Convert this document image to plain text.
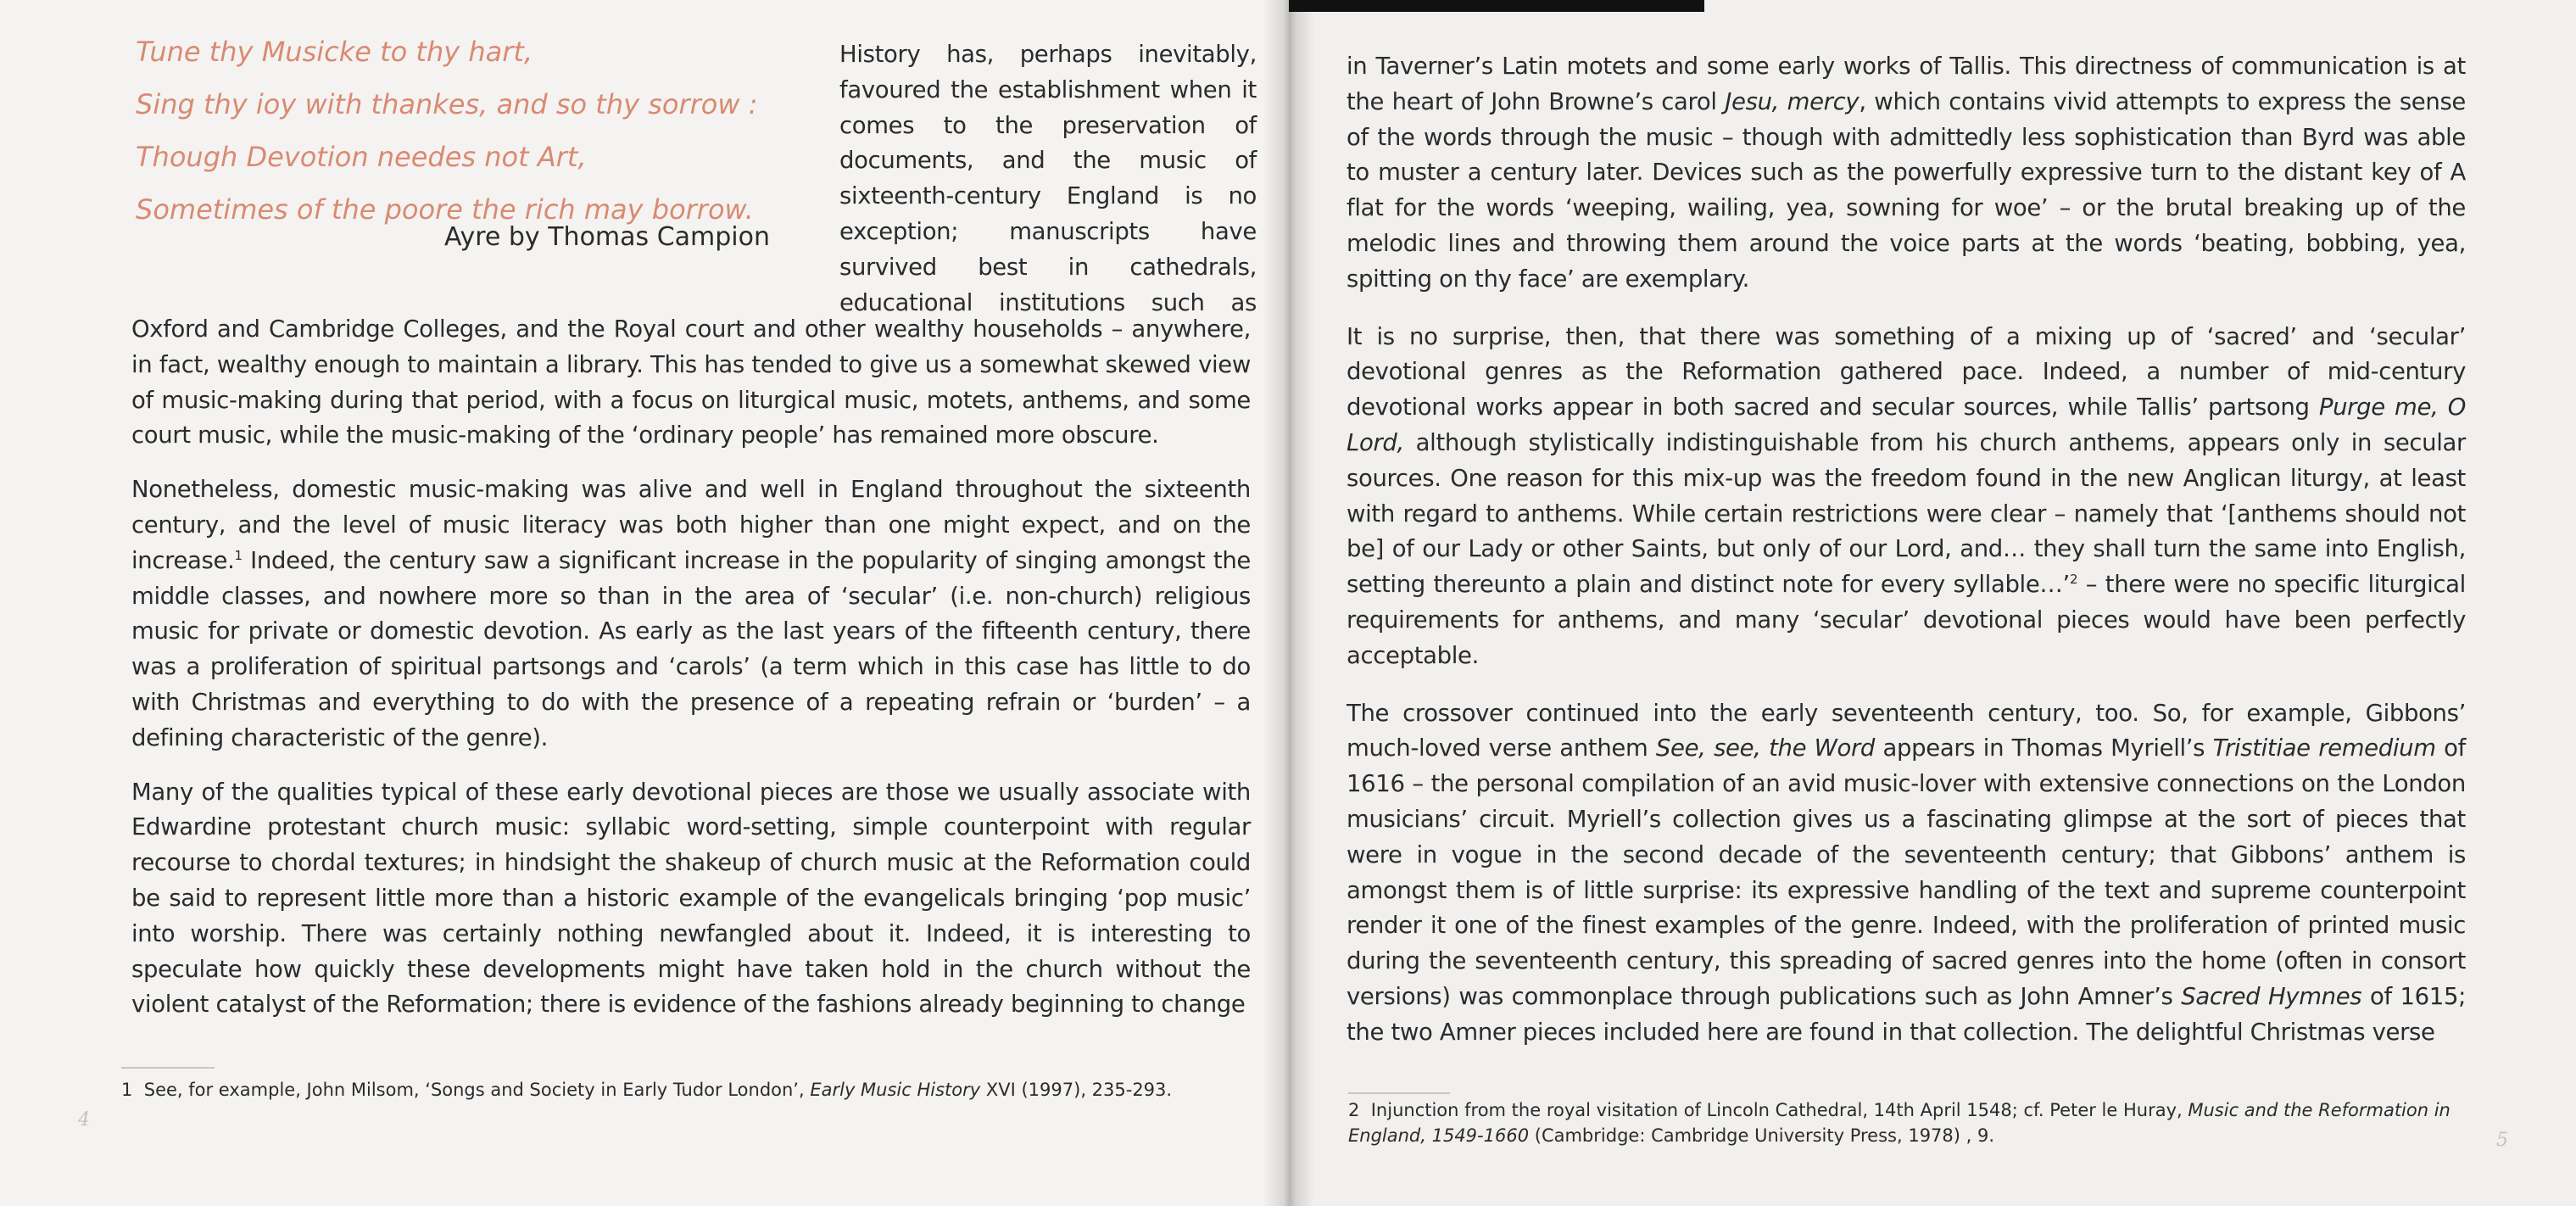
Tune thy Musicke to thy hart,
Sing thy ioy with thankes, and so thy sorrow :
Though Devotion needes not Art,
Sometimes of the poore the rich may borrow.
Ayre by Thomas Campion
History has, perhaps inevitably, favoured the establishment when it comes to the preservation of documents, and the music of sixteenth-century England is no exception; manuscripts have survived best in cathedrals, educational institutions such as

Oxford and Cambridge Colleges, and the Royal court and other wealthy households – anywhere, in fact, wealthy enough to maintain a library. This has tended to give us a somewhat skewed view of music-making during that period, with a focus on liturgical music, motets, anthems, and some court music, while the music-making of the ‘ordinary people’ has remained more obscure.

Nonetheless, domestic music-making was alive and well in England throughout the sixteenth century, and the level of music literacy was both higher than one might expect, and on the increase.$^1$ Indeed, the century saw a significant increase in the popularity of singing amongst the middle classes, and nowhere more so than in the area of ‘secular’ (i.e. non-church) religious music for private or domestic devotion. As early as the last years of the fifteenth century, there was a proliferation of spiritual partsongs and ‘carols’ (a term which in this case has little to do with Christmas and everything to do with the presence of a repeating refrain or ‘burden’ – a defining characteristic of the genre).

Many of the qualities typical of these early devotional pieces are those we usually associate with Edwardine protestant church music: syllabic word-setting, simple counterpoint with regular recourse to chordal textures; in hindsight the shakeup of church music at the Reformation could be said to represent little more than a historic example of the evangelicals bringing ‘pop music’ into worship. There was certainly nothing newfangled about it. Indeed, it is interesting to speculate how quickly these developments might have taken hold in the church without the violent catalyst of the Reformation; there is evidence of the fashions already beginning to change

1 See, for example, John Milsom, ‘Songs and Society in Early Tudor London’, Early Music History XVI (1997), 235-293.
4

in Taverner’s Latin motets and some early works of Tallis. This directness of communication is at the heart of John Browne’s carol Jesu, mercy, which contains vivid attempts to express the sense of the words through the music – though with admittedly less sophistication than Byrd was able to muster a century later. Devices such as the powerfully expressive turn to the distant key of A flat for the words ‘weeping, wailing, yea, sowning for woe’ – or the brutal breaking up of the melodic lines and throwing them around the voice parts at the words ‘beating, bobbing, yea, spitting on thy face’ are exemplary.

It is no surprise, then, that there was something of a mixing up of ‘sacred’ and ‘secular’ devotional genres as the Reformation gathered pace. Indeed, a number of mid-century devotional works appear in both sacred and secular sources, while Tallis’ partsong Purge me, O Lord, although stylistically indistinguishable from his church anthems, appears only in secular sources. One reason for this mix-up was the freedom found in the new Anglican liturgy, at least with regard to anthems. While certain restrictions were clear – namely that ‘[anthems should not be] of our Lady or other Saints, but only of our Lord, and… they shall turn the same into English, setting thereunto a plain and distinct note for every syllable…’$^2$ – there were no specific liturgical requirements for anthems, and many ‘secular’ devotional pieces would have been perfectly acceptable.

The crossover continued into the early seventeenth century, too. So, for example, Gibbons’ much-loved verse anthem See, see, the Word appears in Thomas Myriell’s Tristitiae remedium of 1616 – the personal compilation of an avid music-lover with extensive connections on the London musicians’ circuit. Myriell’s collection gives us a fascinating glimpse at the sort of pieces that were in vogue in the second decade of the seventeenth century; that Gibbons’ anthem is amongst them is of little surprise: its expressive handling of the text and supreme counterpoint render it one of the finest examples of the genre. Indeed, with the proliferation of printed music during the seventeenth century, this spreading of sacred genres into the home (often in consort versions) was commonplace through publications such as John Amner’s Sacred Hymnes of 1615; the two Amner pieces included here are found in that collection. The delightful Christmas verse

2 Injunction from the royal visitation of Lincoln Cathedral, 14th April 1548; cf. Peter le Huray, Music and the Reformation in England, 1549-1660 (Cambridge: Cambridge University Press, 1978) , 9.	5
